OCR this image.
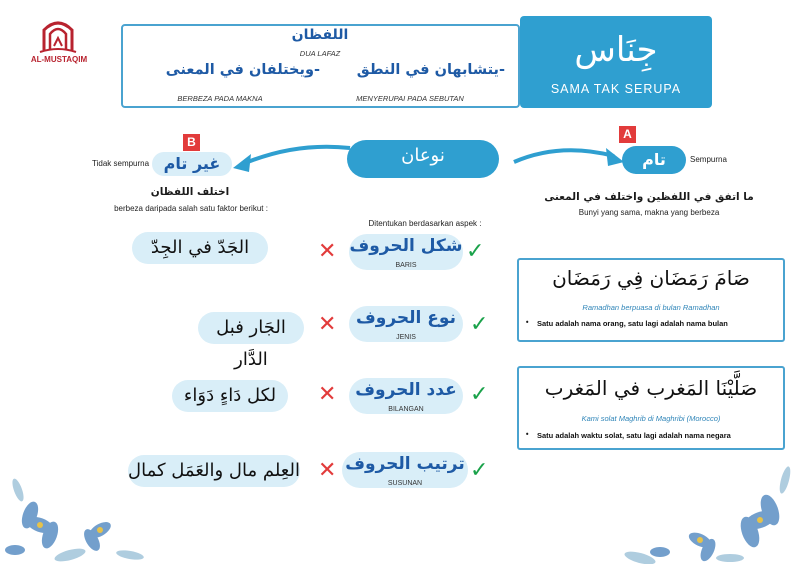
AL-MUSTAQIM
اللفظان
DUA LAFAZ
-يتشابهان في النطق
-ويختلفان في المعنى
MENYERUPAI PADA SEBUTAN
BERBEZA PADA MAKNA
جِنَاس
SAMA TAK SERUPA
نوعان
A
تام	Sempurna
ما اتفق في اللفظين واختلف في المعنى
Bunyi yang sama, makna yang berbeza
B
غير تام
Tidak sempurna
اختلف اللفظان
berbeza daripada salah satu faktor berikut :
Ditentukan berdasarkan aspek :
الجَدّ في الجِدّ	✕ شكل الحروف
BARIS
✓
الجَار فبل الدَّار
✕	نوع الحروف
JENIS
✓
لكل دَاءٍ دَوَاء	✕	عدد الحروف
BILANGAN
✓
العِلم مال والعَمَل كمال ✕ ترتيب الحروف
SUSUNAN
✓
صَامَ رَمَضَان فِي رَمَضَان
Ramadhan berpuasa di bulan Ramadhan
• Satu adalah nama orang, satu lagi adalah nama bulan
صَلَّيْنَا المَغرب في المَغرب
Kami solat Maghrib di Maghribi (Morocco)
• Satu adalah waktu solat, satu lagi adalah nama negara
